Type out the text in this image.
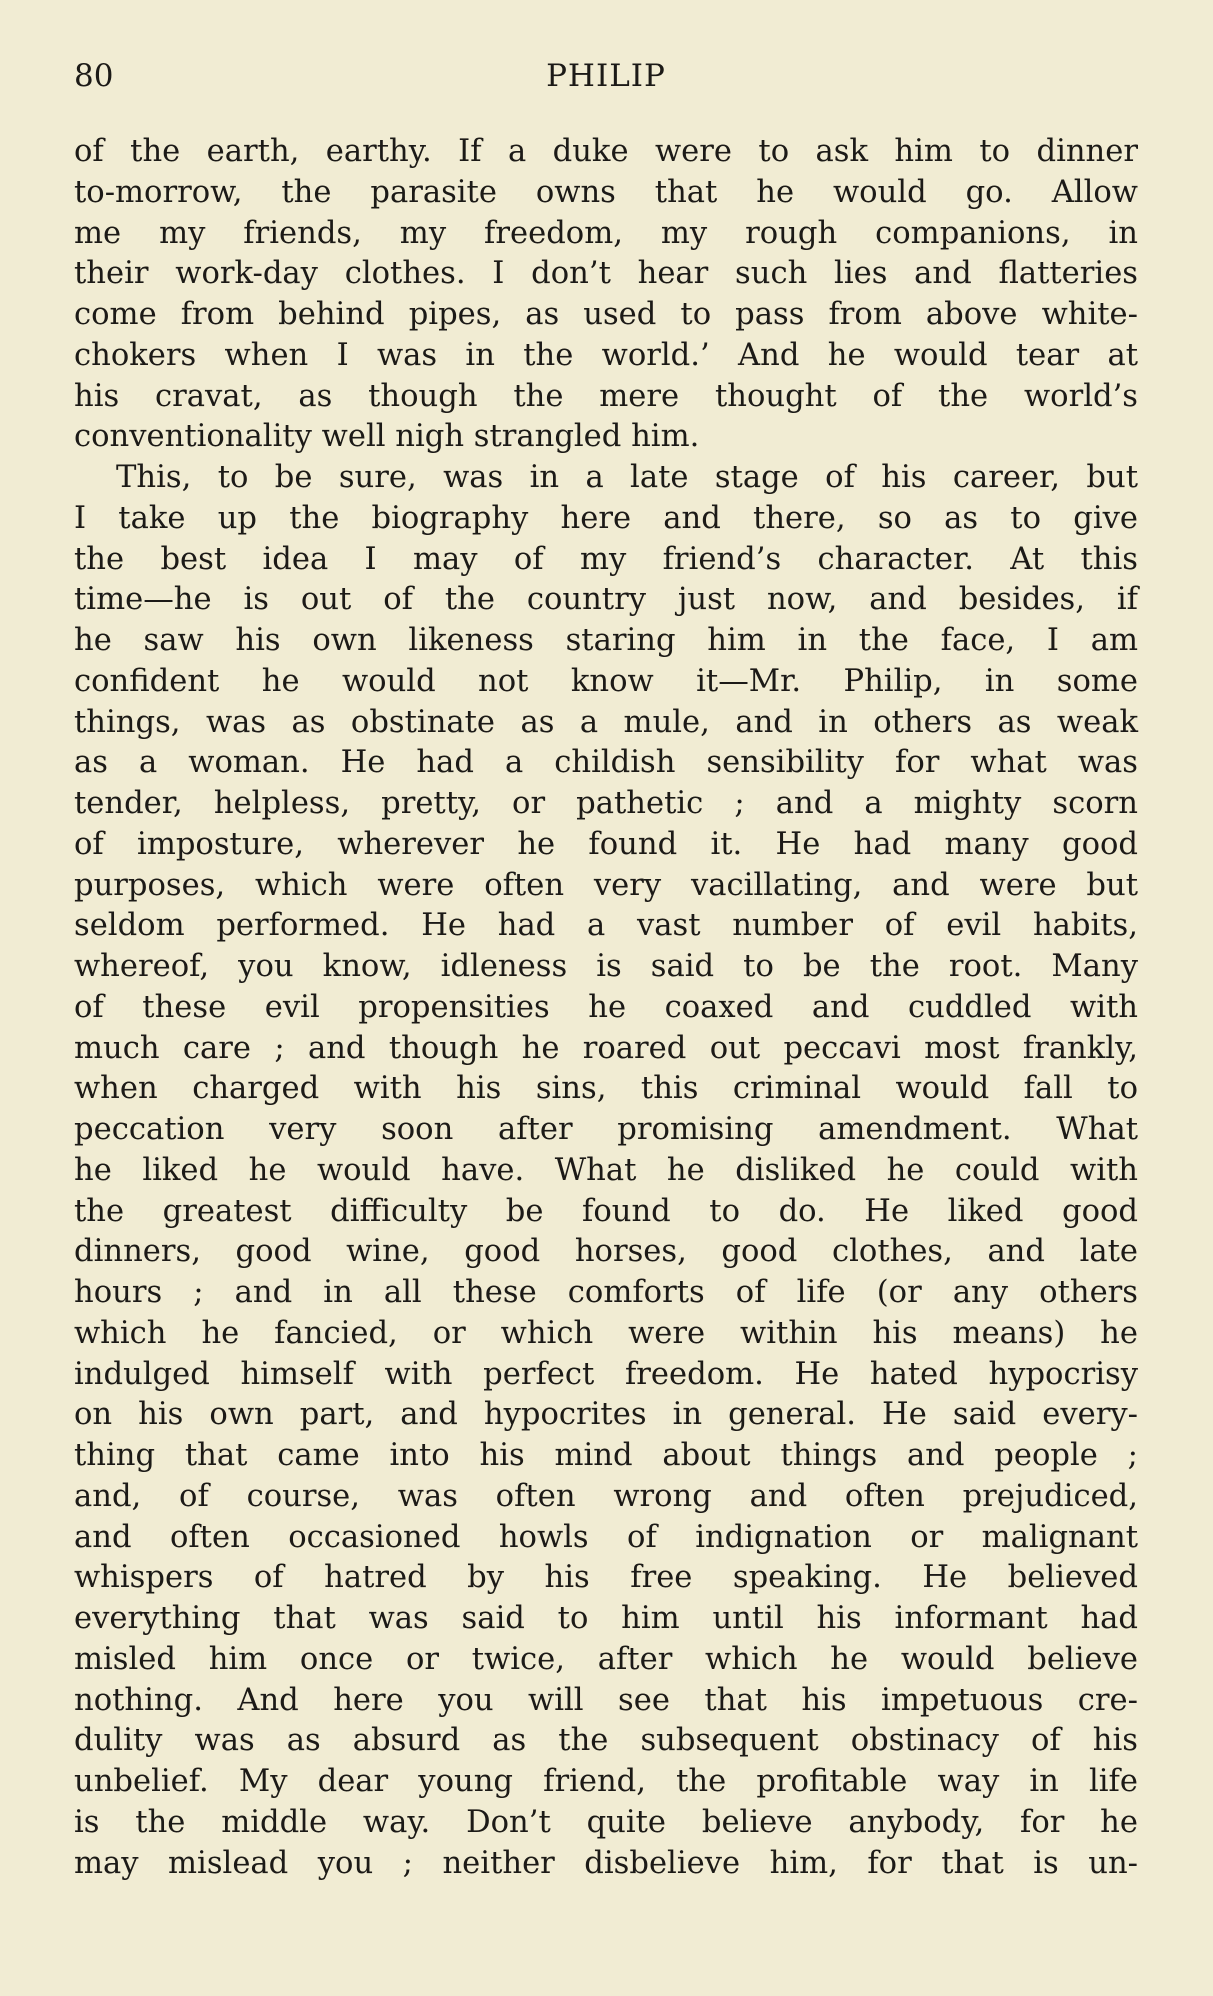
80	PHILIP
of the earth, earthy. If a duke were to ask him to dinner
to-morrow, the parasite owns that he would go. Allow
me my friends, my freedom, my rough companions, in
their work-day clothes. I don’t hear such lies and flatteries
come from behind pipes, as used to pass from above white-
chokers when I was in the world.’ And he would tear at
his cravat, as though the mere thought of the world’s
conventionality well nigh strangled him.
This, to be sure, was in a late stage of his career, but
I take up the biography here and there, so as to give
the best idea I may of my friend’s character. At this
time—he is out of the country just now, and besides, if
he saw his own likeness staring him in the face, I am
confident he would not know it—Mr. Philip, in some
things, was as obstinate as a mule, and in others as weak
as a woman. He had a childish sensibility for what was
tender, helpless, pretty, or pathetic ; and a mighty scorn
of imposture, wherever he found it. He had many good
purposes, which were often very vacillating, and were but
seldom performed. He had a vast number of evil habits,
whereof, you know, idleness is said to be the root. Many
of these evil propensities he coaxed and cuddled with
much care ; and though he roared out peccavi most frankly,
when charged with his sins, this criminal would fall to
peccation very soon after promising amendment. What
he liked he would have. What he disliked he could with
the greatest difficulty be found to do. He liked good
dinners, good wine, good horses, good clothes, and late
hours ; and in all these comforts of life (or any others
which he fancied, or which were within his means) he
indulged himself with perfect freedom. He hated hypocrisy
on his own part, and hypocrites in general. He said every-
thing that came into his mind about things and people ;
and, of course, was often wrong and often prejudiced,
and often occasioned howls of indignation or malignant
whispers of hatred by his free speaking. He believed
everything that was said to him until his informant had
misled him once or twice, after which he would believe
nothing. And here you will see that his impetuous cre-
dulity was as absurd as the subsequent obstinacy of his
unbelief. My dear young friend, the profitable way in life
is the middle way. Don’t quite believe anybody, for he
may mislead you ; neither disbelieve him, for that is un-
